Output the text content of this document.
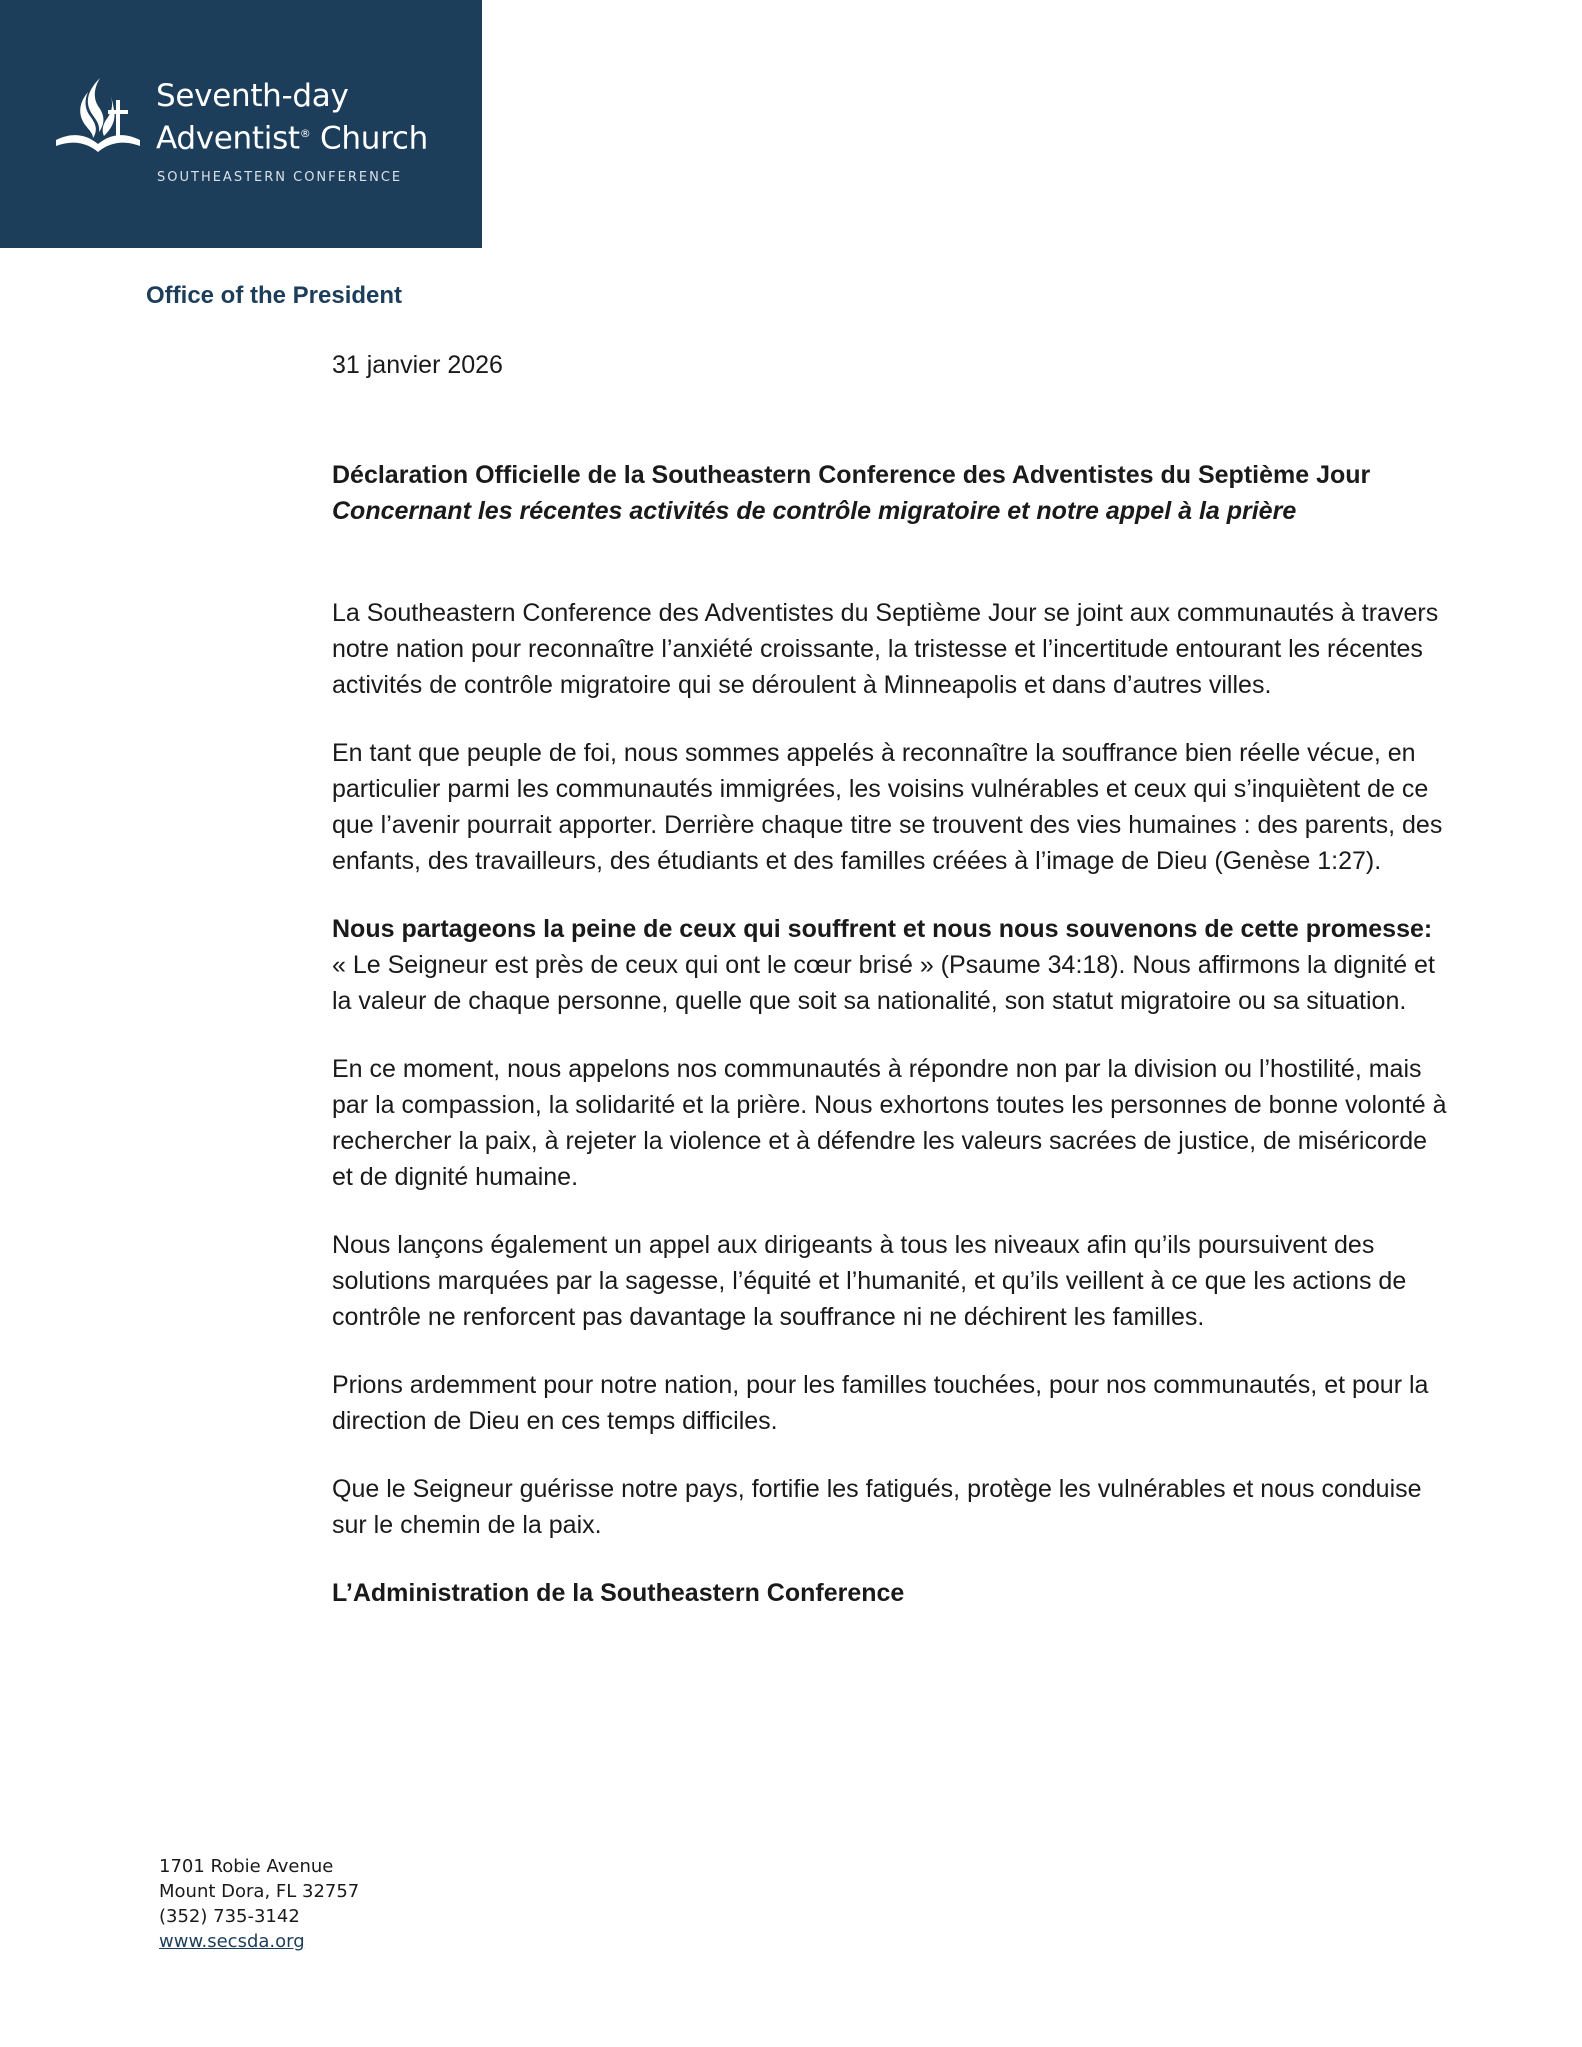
Seventh-day
Adventist® Church
SOUTHEASTERN CONFERENCE
Office of the President
31 janvier 2026
Déclaration Officielle de la Southeastern Conference des Adventistes du Septième Jour Concernant les récentes activités de contrôle migratoire et notre appel à la prière

La Southeastern Conference des Adventistes du Septième Jour se joint aux communautés à travers notre nation pour reconnaître l’anxiété croissante, la tristesse et l’incertitude entourant les récentes activités de contrôle migratoire qui se déroulent à Minneapolis et dans d’autres villes.

En tant que peuple de foi, nous sommes appelés à reconnaître la souffrance bien réelle vécue, en particulier parmi les communautés immigrées, les voisins vulnérables et ceux qui s’inquiètent de ce que l’avenir pourrait apporter. Derrière chaque titre se trouvent des vies humaines : des parents, des enfants, des travailleurs, des étudiants et des familles créées à l’image de Dieu (Genèse 1:27).

Nous partageons la peine de ceux qui souffrent et nous nous souvenons de cette promesse: « Le Seigneur est près de ceux qui ont le cœur brisé » (Psaume 34:18). Nous affirmons la dignité et la valeur de chaque personne, quelle que soit sa nationalité, son statut migratoire ou sa situation.

En ce moment, nous appelons nos communautés à répondre non par la division ou l’hostilité, mais par la compassion, la solidarité et la prière. Nous exhortons toutes les personnes de bonne volonté à rechercher la paix, à rejeter la violence et à défendre les valeurs sacrées de justice, de miséricorde et de dignité humaine.

Nous lançons également un appel aux dirigeants à tous les niveaux afin qu’ils poursuivent des solutions marquées par la sagesse, l’équité et l’humanité, et qu’ils veillent à ce que les actions de contrôle ne renforcent pas davantage la souffrance ni ne déchirent les familles.

Prions ardemment pour notre nation, pour les familles touchées, pour nos communautés, et pour la direction de Dieu en ces temps difficiles.

Que le Seigneur guérisse notre pays, fortifie les fatigués, protège les vulnérables et nous conduise sur le chemin de la paix.

L’Administration de la Southeastern Conference
1701 Robie Avenue
Mount Dora, FL 32757
(352) 735-3142
www.secsda.org
